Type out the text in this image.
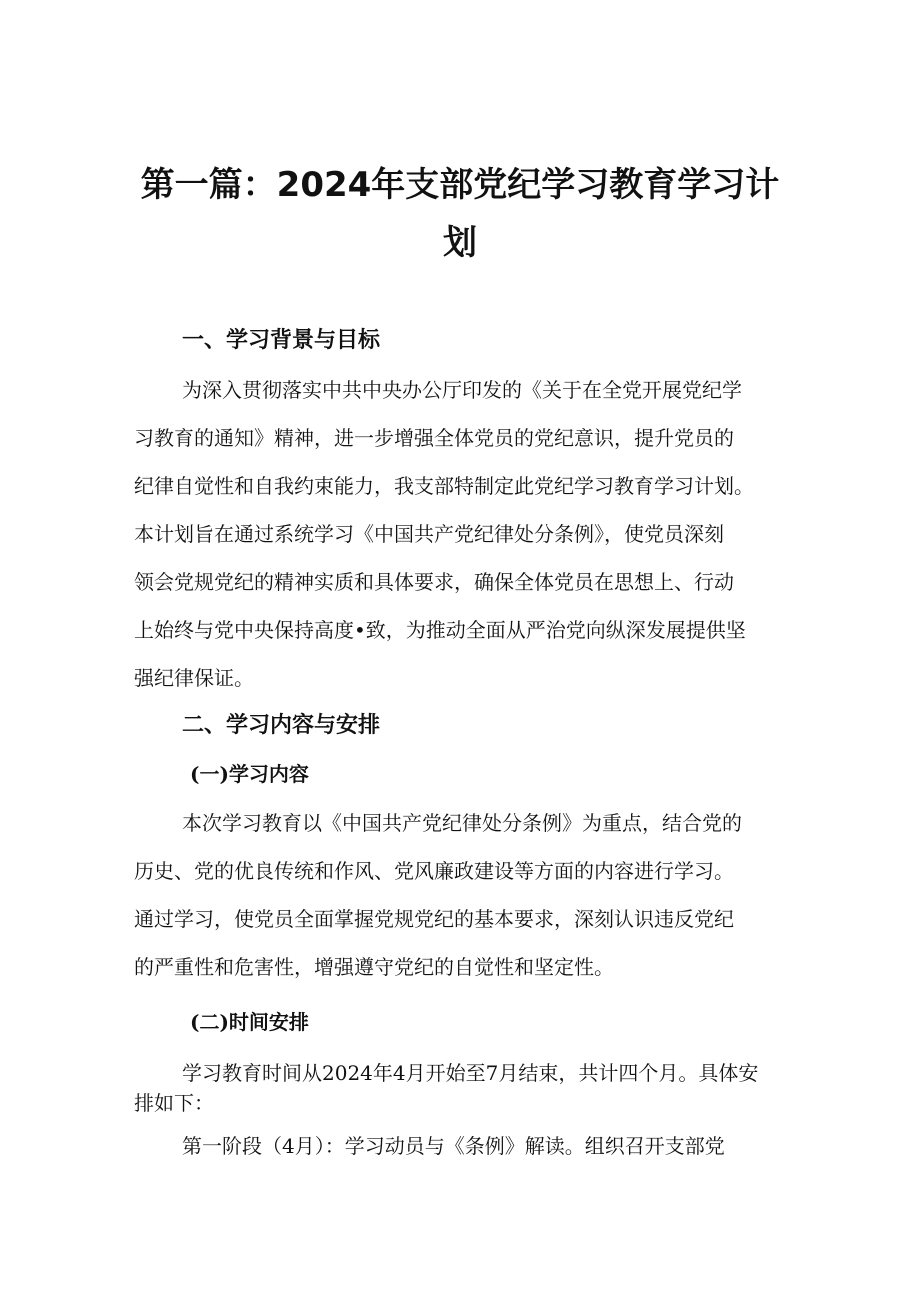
第一篇：2024年支部党纪学习教育学习计
划
一、学习背景与目标
为深入贯彻落实中共中央办公厅印发的《关于在全党开展党纪学
习教育的通知》精神，进一步增强全体党员的党纪意识，提升党员的
纪律自觉性和自我约束能力，我支部特制定此党纪学习教育学习计划。
本计划旨在通过系统学习《中国共产党纪律处分条例》，使党员深刻
领会党规党纪的精神实质和具体要求，确保全体党员在思想上、行动
上始终与党中央保持高度•致，为推动全面从严治党向纵深发展提供坚
强纪律保证。
二、学习内容与安排
(一)学习内容
本次学习教育以《中国共产党纪律处分条例》为重点，结合党的
历史、党的优良传统和作风、党风廉政建设等方面的内容进行学习。
通过学习，使党员全面掌握党规党纪的基本要求，深刻认识违反党纪
的严重性和危害性，增强遵守党纪的自觉性和坚定性。
(二)时间安排
学习教育时间从2024年4月开始至7月结束，共计四个月。具体安
排如下：
第一阶段（4月）：学习动员与《条例》解读。组织召开支部党
